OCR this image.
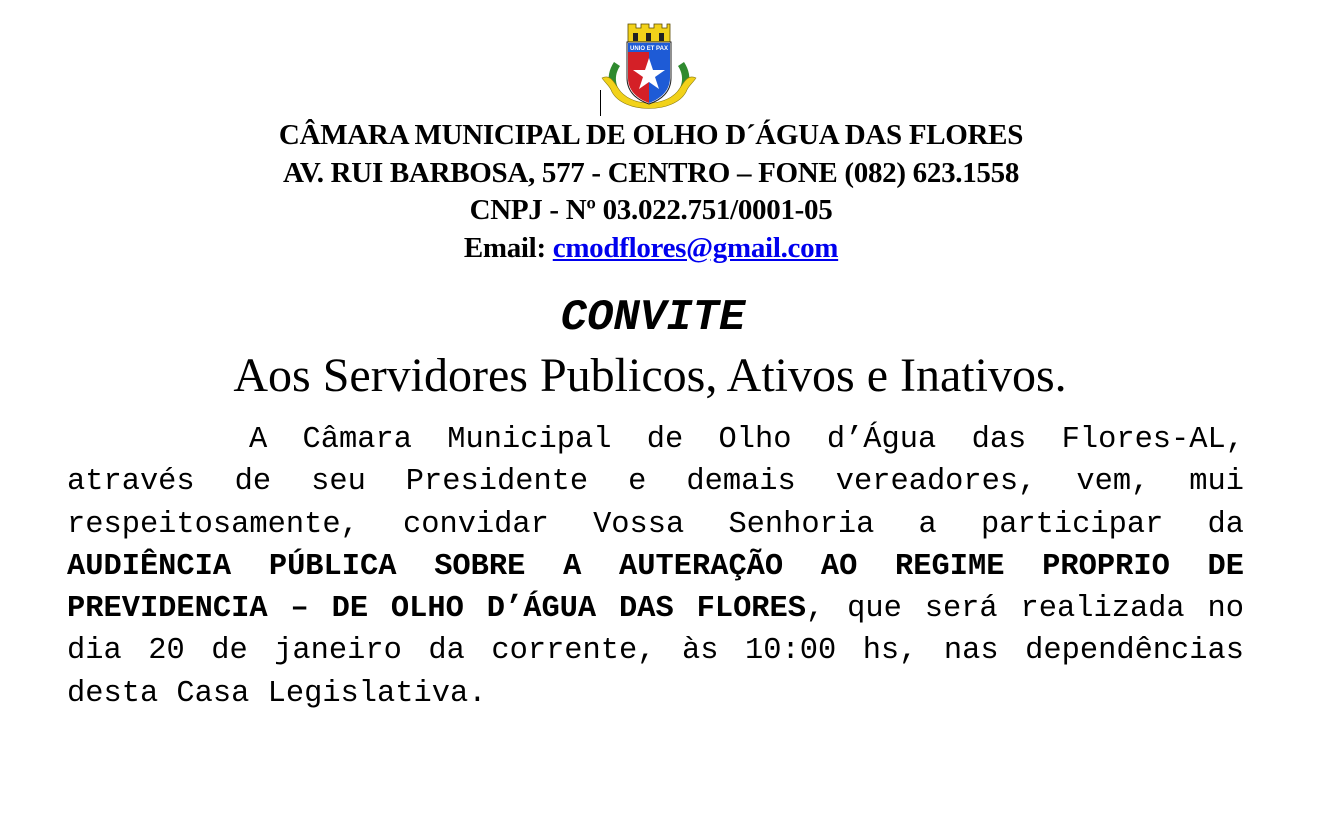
UNIO ET PAX
CÂMARA MUNICIPAL DE OLHO D´ÁGUA DAS FLORES
AV. RUI BARBOSA, 577 - CENTRO – FONE (082) 623.1558
CNPJ - Nº 03.022.751/0001-05
Email: cmodflores@gmail.com
CONVITE
Aos Servidores Publicos, Ativos e Inativos.
A Câmara Municipal de Olho d’Água das Flores-AL, através de seu Presidente e demais vereadores, vem, mui respeitosamente, convidar Vossa Senhoria a participar da AUDIÊNCIA PÚBLICA SOBRE A AUTERAÇÃO AO REGIME PROPRIO DE PREVIDENCIA – DE OLHO D’ÁGUA DAS FLORES, que será realizada no dia 20 de janeiro da corrente, às 10:00 hs, nas dependências desta Casa Legislativa.
